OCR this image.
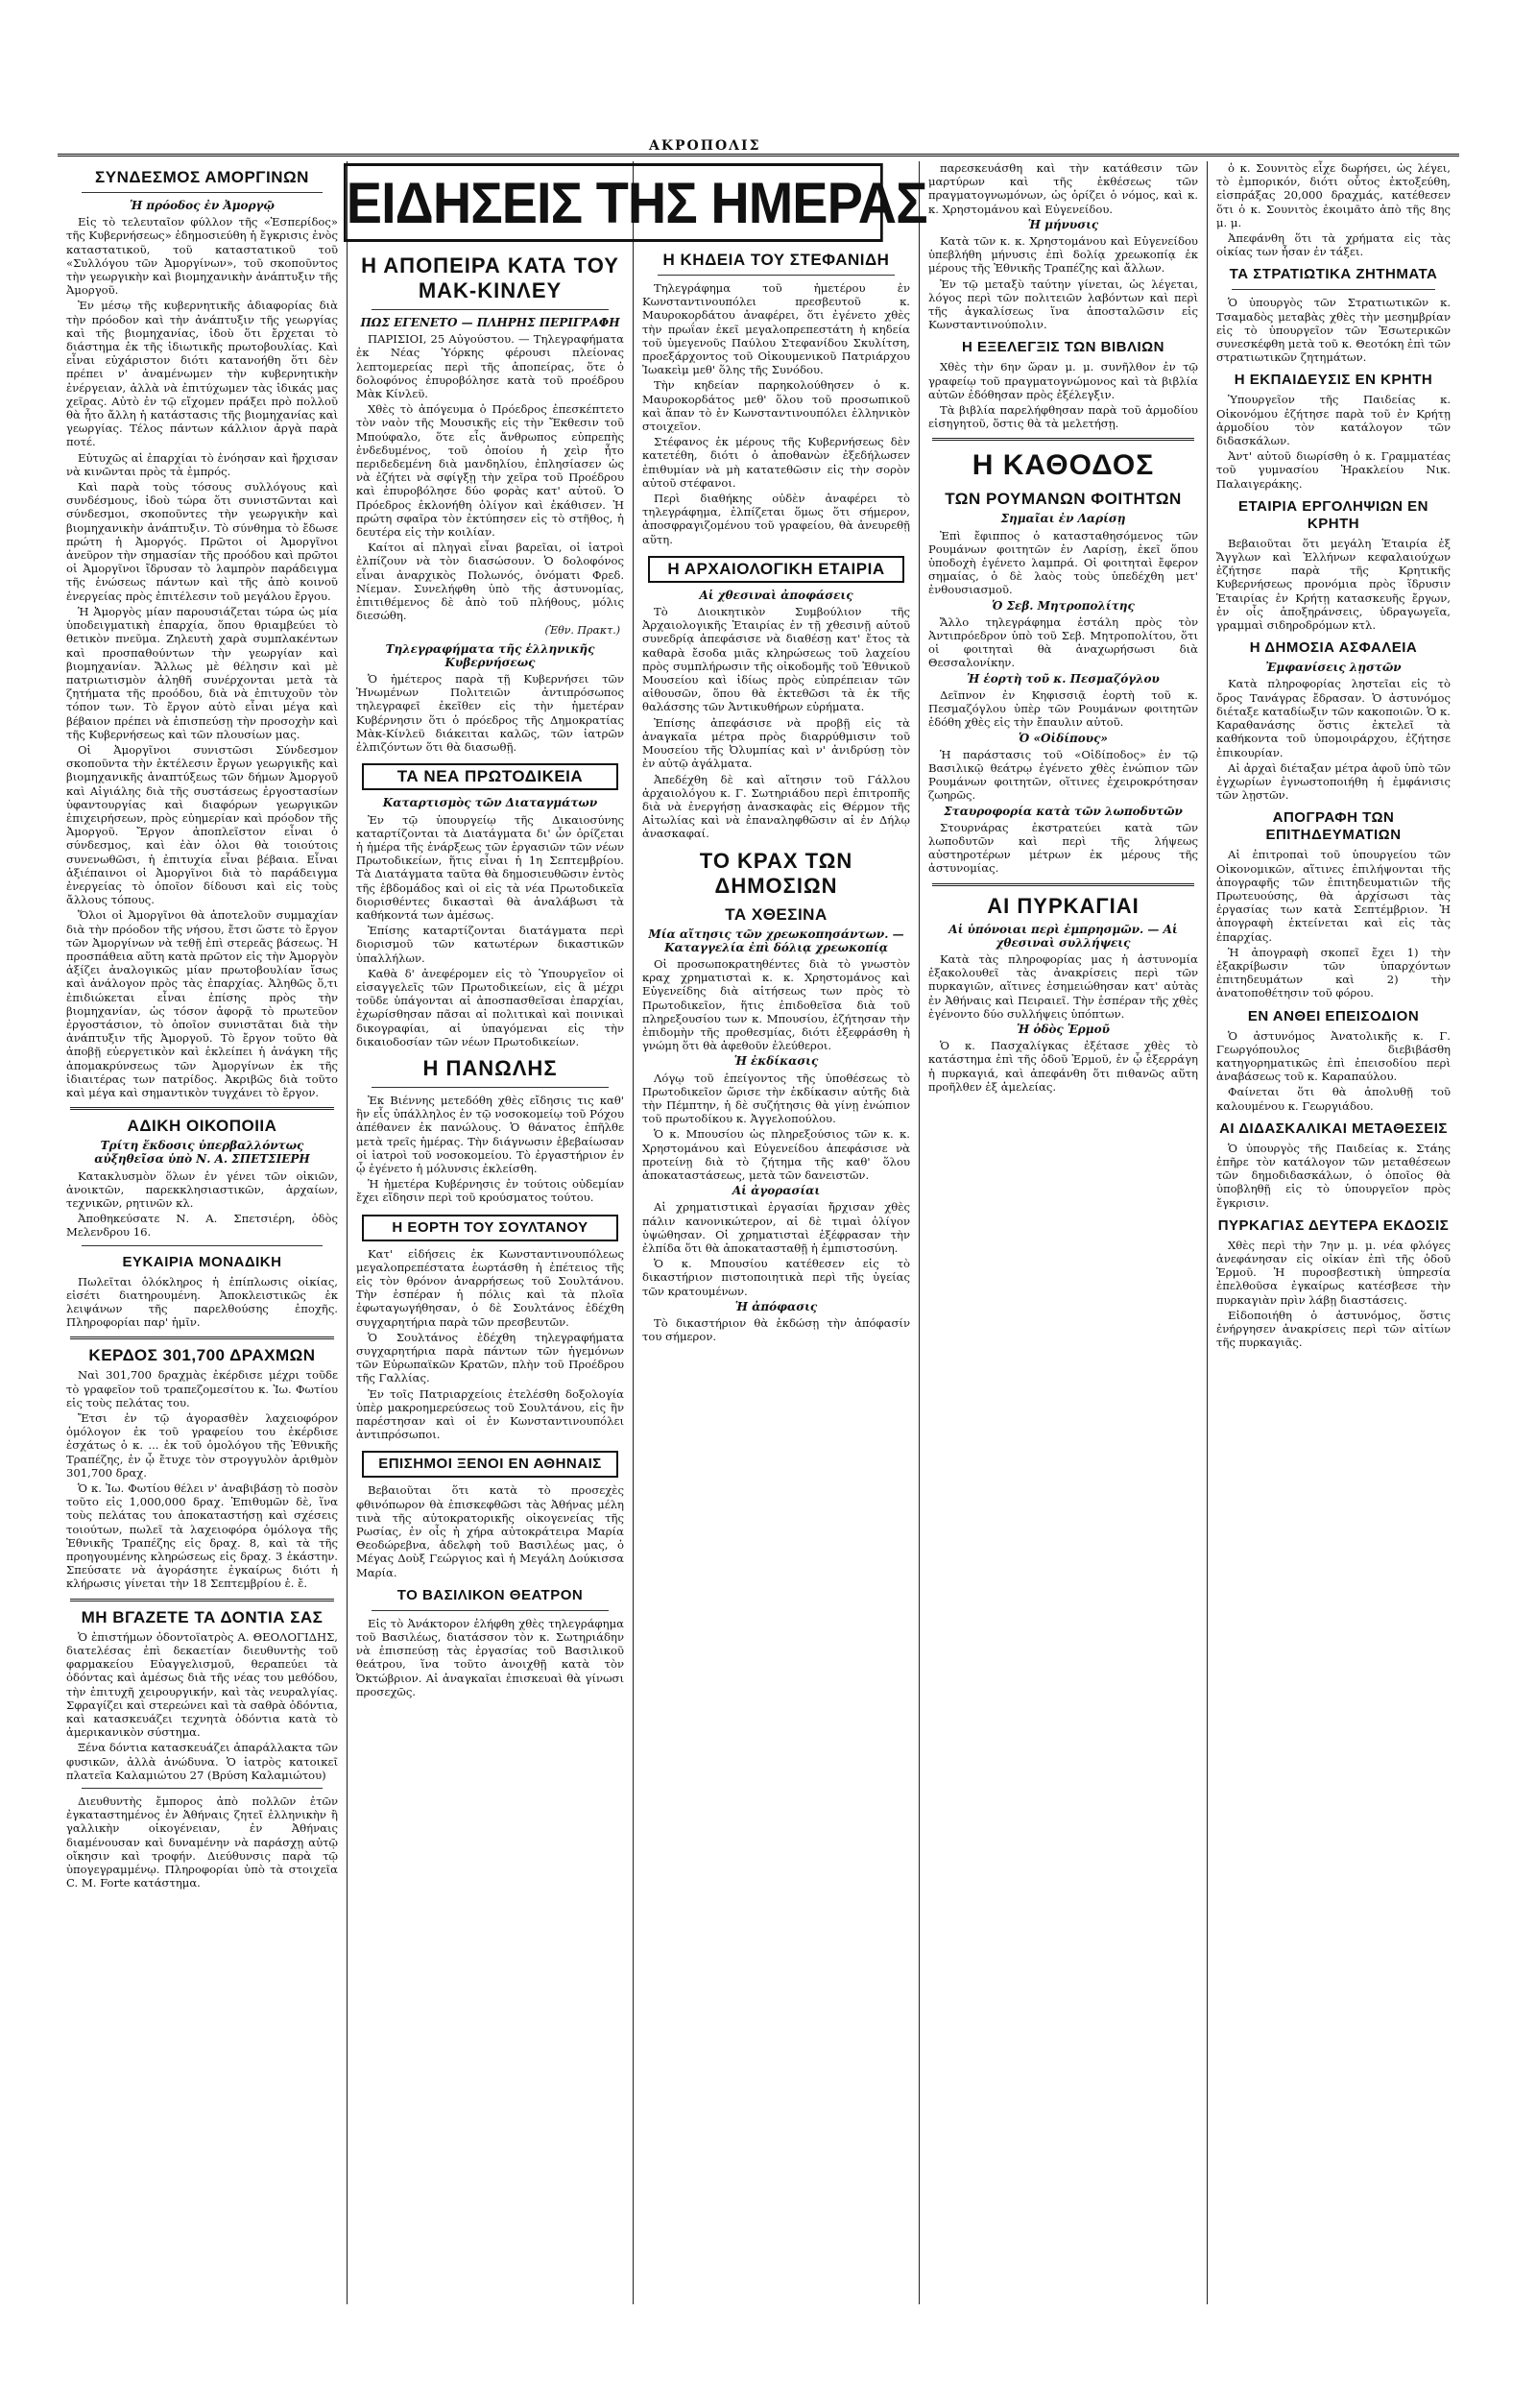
ΑΚΡΟΠΟΛΙΣ
ΣΥΝΔΕΣΜΟΣ ΑΜΟΡΓΙΝΩΝ
Ἡ πρόοδος ἐν Ἀμοργῷ

Εἰς τὸ τελευταῖον φύλλον τῆς «Ἑσπερίδος» τῆς Κυβερνήσεως» ἐδημοσιεύθη ἡ ἔγκρισις ἑνὸς καταστατικοῦ, τοῦ καταστατικοῦ τοῦ «Συλλόγου τῶν Ἀμοργίνων», τοῦ σκοποῦντος τὴν γεωργικὴν καὶ βιομηχανικὴν ἀνάπτυξιν τῆς Ἀμοργοῦ.

Ἐν μέσῳ τῆς κυβερνητικῆς ἀδιαφορίας διὰ τὴν πρόοδον καὶ τὴν ἀνάπτυξιν τῆς γεωργίας καὶ τῆς βιομηχανίας, ἰδοὺ ὅτι ἔρχεται τὸ διάστημα ἐκ τῆς ἰδιωτικῆς πρωτοβουλίας. Καὶ εἶναι εὐχάριστον διότι κατανοήθη ὅτι δὲν πρέπει ν' ἀναμένωμεν τὴν κυβερνητικὴν ἐνέργειαν, ἀλλὰ νὰ ἐπιτύχωμεν τὰς ἰδικάς μας χεῖρας. Αὐτὸ ἐν τῷ εἴχομεν πράξει πρὸ πολλοῦ θὰ ἦτο ἄλλη ἡ κατάστασις τῆς βιομηχανίας καὶ γεωργίας. Τέλος πάντων κάλλιον ἀργὰ παρὰ ποτέ.

Εὐτυχῶς αἱ ἐπαρχίαι τὸ ἐνόησαν καὶ ἤρχισαν νὰ κινῶνται πρὸς τὰ ἐμπρός.

Καὶ παρὰ τοὺς τόσους συλλόγους καὶ συνδέσμους, ἰδοὺ τώρα ὅτι συνιστῶνται καὶ σύνδεσμοι, σκοποῦντες τὴν γεωργικὴν καὶ βιομηχανικὴν ἀνάπτυξιν. Τὸ σύνθημα τὸ ἔδωσε πρώτη ἡ Ἀμοργός. Πρῶτοι οἱ Ἀμοργῖνοι ἀνεῦρον τὴν σημασίαν τῆς προόδου καὶ πρῶτοι οἱ Ἀμοργῖνοι ἴδρυσαν τὸ λαμπρὸν παράδειγμα τῆς ἑνώσεως πάντων καὶ τῆς ἀπὸ κοινοῦ ἐνεργείας πρὸς ἐπιτέλεσιν τοῦ μεγάλου ἔργου.

Ἡ Ἀμοργὸς μίαν παρουσιάζεται τώρα ὡς μία ὑποδειγματικὴ ἐπαρχία, ὅπου θριαμβεύει τὸ θετικὸν πνεῦμα. Ζηλευτὴ χαρὰ συμπλακέντων καὶ προσπαθούντων τὴν γεωργίαν καὶ βιομηχανίαν. Ἄλλως μὲ θέλησιν καὶ μὲ πατριωτισμὸν ἀληθῆ συνέρχονται μετὰ τὰ ζητήματα τῆς προόδου, διὰ νὰ ἐπιτυχοῦν τὸν τόπον των. Τὸ ἔργον αὐτὸ εἶναι μέγα καὶ βέβαιον πρέπει νὰ ἐπισπεύσῃ τὴν προσοχὴν καὶ τῆς Κυβερνήσεως καὶ τῶν πλουσίων μας.

Οἱ Ἀμοργῖνοι συνιστῶσι Σύνδεσμον σκοποῦντα τὴν ἐκτέλεσιν ἔργων γεωργικῆς καὶ βιομηχανικῆς ἀναπτύξεως τῶν δήμων Ἀμοργοῦ καὶ Αἰγιάλης διὰ τῆς συστάσεως ἐργοστασίων ὑφαντουργίας καὶ διαφόρων γεωργικῶν ἐπιχειρήσεων, πρὸς εὐημερίαν καὶ πρόοδον τῆς Ἀμοργοῦ. Ἔργον ἀποπλεῖστον εἶναι ὁ σύνδεσμος, καὶ ἐὰν ὁλοι θὰ τοιούτοις συνενωθῶσι, ἡ ἐπιτυχία εἶναι βέβαια. Εἶναι ἀξιέπαινοι οἱ Ἀμοργῖνοι διὰ τὸ παράδειγμα ἐνεργείας τὸ ὁποῖον δίδουσι καὶ εἰς τοὺς ἄλλους τόπους.

Ὅλοι οἱ Ἀμοργῖνοι θὰ ἀποτελοῦν συμμαχίαν διὰ τὴν πρόοδον τῆς νήσου, ἔτσι ὥστε τὸ ἔργον τῶν Ἀμοργίνων νὰ τεθῇ ἐπὶ στερεᾶς βάσεως. Ἡ προσπάθεια αὕτη κατὰ πρῶτον εἰς τὴν Ἀμοργὸν ἀξίζει ἀναλογικῶς μίαν πρωτοβουλίαν ἴσως καὶ ἀνάλογον πρὸς τὰς ἐπαρχίας. Ἀληθῶς ὅ,τι ἐπιδιώκεται εἶναι ἐπίσης πρὸς τὴν βιομηχανίαν, ὡς τόσον ἀφορᾷ τὸ πρωτεῦον ἐργοστάσιον, τὸ ὁποῖον συνιστᾶται διὰ τὴν ἀνάπτυξιν τῆς Ἀμοργοῦ. Τὸ ἔργον τοῦτο θὰ ἀποβῇ εὐεργετικὸν καὶ ἐκλείπει ἡ ἀνάγκη τῆς ἀπομακρύνσεως τῶν Ἀμοργίνων ἐκ τῆς ἰδιαιτέρας των πατρίδος. Ἀκριβῶς διὰ τοῦτο καὶ μέγα καὶ σημαντικὸν τυγχάνει τὸ ἔργον.

ΑΔΙΚΗ ΟΙΚΟΠΟΙΙΑ
Τρίτη ἔκδοσις ὑπερβαλλόντως αὐξηθεῖσα ὑπὸ Ν. Α. ΣΠΕΤΣΙΕΡΗ

Κατακλυσμὸν ὅλων ἐν γένει τῶν οἰκιῶν, ἀνοικτῶν, παρεκκλησιαστικῶν, ἀρχαίων, τεχνικῶν, ρητινῶν κλ.

Ἀποθηκεύσατε Ν. Α. Σπετσιέρη, ὁδὸς Μελενδρου 16.

ΕΥΚΑΙΡΙΑ ΜΟΝΑΔΙΚΗ

Πωλεῖται ὁλόκληρος ἡ ἐπίπλωσις οἰκίας, εἰσέτι διατηρουμένη. Ἀποκλειστικῶς ἐκ λειψάνων τῆς παρελθούσης ἐποχῆς. Πληροφορίαι παρ' ἡμῖν.

ΚΕΡΔΟΣ 301,700 ΔΡΑΧΜΩΝ

Ναὶ 301,700 δραχμὰς ἐκέρδισε μέχρι τοῦδε τὸ γραφεῖον τοῦ τραπεζομεσίτου κ. Ἰω. Φωτίου εἰς τοὺς πελάτας του.

Ἔτσι ἐν τῷ ἀγορασθὲν λαχειοφόρον ὁμόλογον ἐκ τοῦ γραφείου του ἐκέρδισε ἐσχάτως ὁ κ. ... ἐκ τοῦ ὁμολόγου τῆς Ἐθνικῆς Τραπέζης, ἐν ᾧ ἔτυχε τὸν στρογγυλὸν ἀριθμὸν 301,700 δραχ.

Ὁ κ. Ἰω. Φωτίου θέλει ν' ἀναβιβάσῃ τὸ ποσὸν τοῦτο εἰς 1,000,000 δραχ. Ἐπιθυμῶν δὲ, ἵνα τοὺς πελάτας του ἀποκαταστήσῃ καὶ σχέσεις τοιούτων, πωλεῖ τὰ λαχειοφόρα ὁμόλογα τῆς Ἐθνικῆς Τραπέζης εἰς δραχ. 8, καὶ τὰ τῆς προηγουμένης κληρώσεως εἰς δραχ. 3 ἑκάστην. Σπεύσατε νὰ ἀγοράσητε ἐγκαίρως διότι ἡ κλήρωσις γίνεται τὴν 18 Σεπτεμβρίου ἐ. ἔ.

ΜΗ ΒΓΑΖΕΤΕ ΤΑ ΔΟΝΤΙΑ ΣΑΣ

Ὁ ἐπιστήμων ὀδοντοϊατρὸς Α. ΘΕΟΛΟΓΙΔΗΣ, διατελέσας ἐπὶ δεκαετίαν διευθυντὴς τοῦ φαρμακείου Εὐαγγελισμοῦ, θεραπεύει τὰ ὀδόντας καὶ ἀμέσως διὰ τῆς νέας του μεθόδου, τὴν ἐπιτυχῆ χειρουργικήν, καὶ τὰς νευραλγίας. Σφραγίζει καὶ στερεώνει καὶ τὰ σαθρὰ ὀδόντια, καὶ κατασκευάζει τεχνητὰ ὁδόντια κατὰ τὸ ἀμερικανικὸν σύστημα.

Ξένα δόντια κατασκευάζει ἀπαράλλακτα τῶν φυσικῶν, ἀλλὰ ἀνώδυνα. Ὁ ἰατρὸς κατοικεῖ πλατεῖα Καλαμιώτου 27 (Βρύση Καλαμιώτου)

Διευθυντὴς ἔμπορος ἀπὸ πολλῶν ἐτῶν ἐγκαταστημένος ἐν Ἀθήναις ζητεῖ ἑλληνικὴν ἢ γαλλικὴν οἰκογένειαν, ἐν Ἀθήναις διαμένουσαν καὶ δυναμένην νὰ παράσχῃ αὐτῷ οἴκησιν καὶ τροφήν. Διεύθυνσις παρὰ τῷ ὑπογεγραμμένῳ. Πληροφορίαι ὑπὸ τὰ στοιχεῖα C. M. Forte κατάστημα.

ΕΙΔΗΣΕΙΣ ΤΗΣ ΗΜΕΡΑΣ
Η ΑΠΟΠΕΙΡΑ ΚΑΤΑ ΤΟΥ ΜΑΚ-ΚΙΝΛΕΥ
ΠΩΣ ΕΓΕΝΕΤΟ — ΠΛΗΡΗΣ ΠΕΡΙΓΡΑΦΗ

ΠΑΡΙΣΙΟΙ, 25 Αὐγούστου. — Τηλεγραφήματα ἐκ Νέας Ὑόρκης φέρουσι πλείονας λεπτομερείας περὶ τῆς ἀποπείρας, ὅτε ὁ δολοφόνος ἐπυροβόλησε κατὰ τοῦ προέδρου Μὰκ Κίνλεϋ.

Χθὲς τὸ ἀπόγευμα ὁ Πρόεδρος ἐπεσκέπτετο τὸν ναὸν τῆς Μουσικῆς εἰς τὴν Ἔκθεσιν τοῦ Μπούφαλο, ὅτε εἷς ἄνθρωπος εὐπρεπὴς ἐνδεδυμένος, τοῦ ὁποίου ἡ χεὶρ ἦτο περιδεδεμένη διὰ μανδηλίου, ἐπλησίασεν ὡς νὰ ἐζήτει νὰ σφίγξῃ τὴν χεῖρα τοῦ Προέδρου καὶ ἐπυροβόλησε δύο φορὰς κατ' αὐτοῦ. Ὁ Πρόεδρος ἐκλονήθη ὀλίγον καὶ ἐκάθισεν. Ἡ πρώτη σφαῖρα τὸν ἐκτύπησεν εἰς τὸ στῆθος, ἡ δευτέρα εἰς τὴν κοιλίαν.

Καίτοι αἱ πληγαὶ εἶναι βαρεῖαι, οἱ ἰατροὶ ἐλπίζουν νὰ τὸν διασώσουν. Ὁ δολοφόνος εἶναι ἀναρχικὸς Πολωνός, ὀνόματι Φρεδ. Νίεμαν. Συνελήφθη ὑπὸ τῆς ἀστυνομίας, ἐπιτιθέμενος δὲ ἀπὸ τοῦ πλήθους, μόλις διεσώθη.

(Ἐθν. Πρακτ.)
Τηλεγραφήματα τῆς ἑλληνικῆς Κυβερνήσεως

Ὁ ἡμέτερος παρὰ τῇ Κυβερνήσει τῶν Ἡνωμένων Πολιτειῶν ἀντιπρόσωπος τηλεγραφεῖ ἐκεῖθεν εἰς τὴν ἡμετέραν Κυβέρνησιν ὅτι ὁ πρόεδρος τῆς Δημοκρατίας Μὰκ-Κίνλεϋ διάκειται καλῶς, τῶν ἰατρῶν ἐλπιζόντων ὅτι θὰ διασωθῇ.

ΤΑ ΝΕΑ ΠΡΩΤΟΔΙΚΕΙΑ
Καταρτισμὸς τῶν Διαταγμάτων

Ἐν τῷ ὑπουργείῳ τῆς Δικαιοσύνης καταρτίζονται τὰ Διατάγματα δι' ὧν ὁρίζεται ἡ ἡμέρα τῆς ἐνάρξεως τῶν ἐργασιῶν τῶν νέων Πρωτοδικείων, ἥτις εἶναι ἡ 1η Σεπτεμβρίου. Τὰ Διατάγματα ταῦτα θὰ δημοσιευθῶσιν ἐντὸς τῆς ἑβδομάδος καὶ οἱ εἰς τὰ νέα Πρωτοδικεῖα διορισθέντες δικασταὶ θὰ ἀναλάβωσι τὰ καθήκοντά των ἀμέσως.

Ἐπίσης καταρτίζονται διατάγματα περὶ διορισμοῦ τῶν κατωτέρων δικαστικῶν ὑπαλλήλων.

Καθὰ δ' ἀνεφέρομεν εἰς τὸ Ὑπουργεῖον οἱ εἰσαγγελεῖς τῶν Πρωτοδικείων, εἰς ἃ μέχρι τοῦδε ὑπάγονται αἱ ἀποσπασθεῖσαι ἐπαρχίαι, ἐχωρίσθησαν πᾶσαι αἱ πολιτικαὶ καὶ ποινικαὶ δικογραφίαι, αἱ ὑπαγόμεναι εἰς τὴν δικαιοδοσίαν τῶν νέων Πρωτοδικείων.

Η ΠΑΝΩΛΗΣ

Ἐκ Βιέννης μετεδόθη χθὲς εἴδησις τις καθ' ἣν εἷς ὑπάλληλος ἐν τῷ νοσοκομείῳ τοῦ Ρόχου ἀπέθανεν ἐκ πανώλους. Ὁ θάνατος ἐπῆλθε μετὰ τρεῖς ἡμέρας. Τὴν διάγνωσιν ἐβεβαίωσαν οἱ ἰατροὶ τοῦ νοσοκομείου. Τὸ ἐργαστήριον ἐν ᾧ ἐγένετο ἡ μόλυνσις ἐκλείσθη.

Ἡ ἡμετέρα Κυβέρνησις ἐν τούτοις οὐδεμίαν ἔχει εἴδησιν περὶ τοῦ κρούσματος τούτου.

Η ΕΟΡΤΗ ΤΟΥ ΣΟΥΛΤΑΝΟΥ

Κατ' εἰδήσεις ἐκ Κωνσταντινουπόλεως μεγαλοπρεπέστατα ἑωρτάσθη ἡ ἐπέτειος τῆς εἰς τὸν θρόνον ἀναρρήσεως τοῦ Σουλτάνου. Τὴν ἑσπέραν ἡ πόλις καὶ τὰ πλοῖα ἐφωταγωγήθησαν, ὁ δὲ Σουλτάνος ἐδέχθη συγχαρητήρια παρὰ τῶν πρεσβευτῶν.

Ὁ Σουλτάνος ἐδέχθη τηλεγραφήματα συγχαρητήρια παρὰ πάντων τῶν ἡγεμόνων τῶν Εὐρωπαϊκῶν Κρατῶν, πλὴν τοῦ Προέδρου τῆς Γαλλίας.

Ἐν τοῖς Πατριαρχείοις ἐτελέσθη δοξολογία ὑπὲρ μακροημερεύσεως τοῦ Σουλτάνου, εἰς ἣν παρέστησαν καὶ οἱ ἐν Κωνσταντινουπόλει ἀντιπρόσωποι.

ΕΠΙΣΗΜΟΙ ΞΕΝΟΙ ΕΝ ΑΘΗΝΑΙΣ

Βεβαιοῦται ὅτι κατὰ τὸ προσεχὲς φθινόπωρον θὰ ἐπισκεφθῶσι τὰς Ἀθήνας μέλη τινὰ τῆς αὐτοκρατορικῆς οἰκογενείας τῆς Ρωσίας, ἐν οἷς ἡ χήρα αὐτοκράτειρα Μαρία Θεοδώρεβνα, ἀδελφὴ τοῦ Βασιλέως μας, ὁ Μέγας Δοὺξ Γεώργιος καὶ ἡ Μεγάλη Δούκισσα Μαρία.

ΤΟ ΒΑΣΙΛΙΚΟΝ ΘΕΑΤΡΟΝ

Εἰς τὸ Ἀνάκτορον ἐλήφθη χθὲς τηλεγράφημα τοῦ Βασιλέως, διατάσσον τὸν κ. Σωτηριάδην νὰ ἐπισπεύσῃ τὰς ἐργασίας τοῦ Βασιλικοῦ θεάτρου, ἵνα τοῦτο ἀνοιχθῇ κατὰ τὸν Ὀκτώβριον. Αἱ ἀναγκαῖαι ἐπισκευαὶ θὰ γίνωσι προσεχῶς.

Η ΚΗΔΕΙΑ ΤΟΥ ΣΤΕΦΑΝΙΔΗ

Τηλεγράφημα τοῦ ἡμετέρου ἐν Κωνσταντινουπόλει πρεσβευτοῦ κ. Μαυροκορδάτου ἀναφέρει, ὅτι ἐγένετο χθὲς τὴν πρωΐαν ἐκεῖ μεγαλοπρεπεστάτη ἡ κηδεία τοῦ ὑμεγενοῦς Παύλου Στεφανίδου Σκυλίτση, προεξάρχοντος τοῦ Οἰκουμενικοῦ Πατριάρχου Ἰωακεὶμ μεθ' ὅλης τῆς Συνόδου.

Τὴν κηδείαν παρηκολούθησεν ὁ κ. Μαυροκορδάτος μεθ' ὅλου τοῦ προσωπικοῦ καὶ ἅπαν τὸ ἐν Κωνσταντινουπόλει ἑλληνικὸν στοιχεῖον.

Στέφανος ἐκ μέρους τῆς Κυβερνήσεως δὲν κατετέθη, διότι ὁ ἀποθανὼν ἐξεδήλωσεν ἐπιθυμίαν νὰ μὴ κατατεθῶσιν εἰς τὴν σορὸν αὐτοῦ στέφανοι.

Περὶ διαθήκης οὐδὲν ἀναφέρει τὸ τηλεγράφημα, ἐλπίζεται ὅμως ὅτι σήμερον, ἀποσφραγιζομένου τοῦ γραφείου, θὰ ἀνευρεθῇ αὕτη.

Η ΑΡΧΑΙΟΛΟΓΙΚΗ ΕΤΑΙΡΙΑ
Αἱ χθεσιναὶ ἀποφάσεις

Τὸ Διοικητικὸν Συμβούλιον τῆς Ἀρχαιολογικῆς Ἑταιρίας ἐν τῇ χθεσινῇ αὐτοῦ συνεδρίᾳ ἀπεφάσισε νὰ διαθέσῃ κατ' ἔτος τὰ καθαρὰ ἔσοδα μιᾶς κληρώσεως τοῦ λαχείου πρὸς συμπλήρωσιν τῆς οἰκοδομῆς τοῦ Ἐθνικοῦ Μουσείου καὶ ἰδίως πρὸς εὐπρέπειαν τῶν αἰθουσῶν, ὅπου θὰ ἐκτεθῶσι τὰ ἐκ τῆς θαλάσσης τῶν Ἀντικυθήρων εὑρήματα.

Ἐπίσης ἀπεφάσισε νὰ προβῇ εἰς τὰ ἀναγκαῖα μέτρα πρὸς διαρρύθμισιν τοῦ Μουσείου τῆς Ὀλυμπίας καὶ ν' ἀνιδρύσῃ τὸν ἐν αὐτῷ ἀγάλματα.

Ἀπεδέχθη δὲ καὶ αἴτησιν τοῦ Γάλλου ἀρχαιολόγου κ. Γ. Σωτηριάδου περὶ ἐπιτροπῆς διὰ νὰ ἐνεργήσῃ ἀνασκαφὰς εἰς Θέρμον τῆς Αἰτωλίας καὶ νὰ ἐπαναληφθῶσιν αἱ ἐν Δήλῳ ἀνασκαφαί.

ΤΟ ΚΡΑΧ ΤΩΝ ΔΗΜΟΣΙΩΝ
ΤΑ ΧΘΕΣΙΝΑ
Μία αἴτησις τῶν χρεωκοπησάντων. — Καταγγελία ἐπὶ δόλιᾳ χρεωκοπίᾳ

Οἱ προσωποκρατηθέντες διὰ τὸ γνωστὸν κραχ χρηματισταὶ κ. κ. Χρηστομάνος καὶ Εὐγενείδης διὰ αἰτήσεως των πρὸς τὸ Πρωτοδικεῖον, ἥτις ἐπιδοθεῖσα διὰ τοῦ πληρεξουσίου των κ. Μπουσίου, ἐζήτησαν τὴν ἐπιδομὴν τῆς προθεσμίας, διότι ἐξεφράσθη ἡ γνώμη ὅτι θὰ ἀφεθοῦν ἐλεύθεροι.

Ἡ ἐκδίκασις

Λόγῳ τοῦ ἐπείγοντος τῆς ὑποθέσεως τὸ Πρωτοδικεῖον ὥρισε τὴν ἐκδίκασιν αὐτῆς διὰ τὴν Πέμπτην, ἡ δὲ συζήτησις θὰ γίνῃ ἐνώπιον τοῦ πρωτοδίκου κ. Ἀγγελοπούλου.

Ὁ κ. Μπουσίου ὡς πληρεξούσιος τῶν κ. κ. Χρηστομάνου καὶ Εὐγενείδου ἀπεφάσισε νὰ προτείνῃ διὰ τὸ ζήτημα τῆς καθ' ὅλου ἀποκαταστάσεως, μετὰ τῶν δανειστῶν.

Αἱ ἀγορασίαι

Αἱ χρηματιστικαὶ ἐργασίαι ἤρχισαν χθὲς πάλιν κανονικώτερον, αἱ δὲ τιμαὶ ὀλίγον ὑψώθησαν. Οἱ χρηματισταὶ ἐξέφρασαν τὴν ἐλπίδα ὅτι θὰ ἀποκατασταθῇ ἡ ἐμπιστοσύνη.

Ὁ κ. Μπουσίου κατέθεσεν εἰς τὸ δικαστήριον πιστοποιητικὰ περὶ τῆς ὑγείας τῶν κρατουμένων.

Ἡ ἀπόφασις

Τὸ δικαστήριον θὰ ἐκδώσῃ τὴν ἀπόφασίν του σήμερον.

παρεσκευάσθη καὶ τὴν κατάθεσιν τῶν μαρτύρων καὶ τῆς ἐκθέσεως τῶν πραγματογνωμόνων, ὡς ὁρίζει ὁ νόμος, καὶ κ. κ. Χρηστομάνου καὶ Εὐγενείδου.

Ἡ μήνυσις

Κατὰ τῶν κ. κ. Χρηστομάνου καὶ Εὐγενείδου ὑπεβλήθη μήνυσις ἐπὶ δολίᾳ χρεωκοπίᾳ ἐκ μέρους τῆς Ἐθνικῆς Τραπέζης καὶ ἄλλων.

Ἐν τῷ μεταξὺ ταύτην γίνεται, ὡς λέγεται, λόγος περὶ τῶν πολιτειῶν λαβόντων καὶ περὶ τῆς ἀγκαλίσεως ἵνα ἀποσταλῶσιν εἰς Κωνσταντινούπολιν.

Η ΕΞΕΛΕΓΞΙΣ ΤΩΝ ΒΙΒΛΙΩΝ

Χθὲς τὴν 6ην ὥραν μ. μ. συνῆλθον ἐν τῷ γραφείῳ τοῦ πραγματογνώμονος καὶ τὰ βιβλία αὐτῶν ἐδόθησαν πρὸς ἐξέλεγξιν.

Τὰ βιβλία παρελήφθησαν παρὰ τοῦ ἀρμοδίου εἰσηγητοῦ, ὅστις θὰ τὰ μελετήσῃ.

Η ΚΑΘΟΔΟΣ
ΤΩΝ ΡΟΥΜΑΝΩΝ ΦΟΙΤΗΤΩΝ
Σημαῖαι ἐν Λαρίσῃ

Ἐπὶ ἔφιππος ὁ κατασταθησόμενος τῶν Ρουμάνων φοιτητῶν ἐν Λαρίσῃ, ἐκεῖ ὅπου ὑποδοχὴ ἐγένετο λαμπρά. Οἱ φοιτηταὶ ἔφερον σημαίας, ὁ δὲ λαὸς τοὺς ὑπεδέχθη μετ' ἐνθουσιασμοῦ.

Ὁ Σεβ. Μητροπολίτης

Ἄλλο τηλεγράφημα ἐστάλη πρὸς τὸν Ἀντιπρόεδρον ὑπὸ τοῦ Σεβ. Μητροπολίτου, ὅτι οἱ φοιτηταὶ θὰ ἀναχωρήσωσι διὰ Θεσσαλονίκην.

Ἡ ἑορτὴ τοῦ κ. Πεσμαζόγλου

Δεῖπνον ἐν Κηφισσιᾷ ἑορτὴ τοῦ κ. Πεσμαζόγλου ὑπὲρ τῶν Ρουμάνων φοιτητῶν ἐδόθη χθὲς εἰς τὴν ἔπαυλιν αὐτοῦ.

Ὁ «Οἰδίπους»

Ἡ παράστασις τοῦ «Οἰδίποδος» ἐν τῷ Βασιλικῷ θεάτρῳ ἐγένετο χθὲς ἐνώπιον τῶν Ρουμάνων φοιτητῶν, οἵτινες ἐχειροκρότησαν ζωηρῶς.

Σταυροφορία κατὰ τῶν λωποδυτῶν

Στουρνάρας ἐκστρατεύει κατὰ τῶν λωποδυτῶν καὶ περὶ τῆς λήψεως αὐστηροτέρων μέτρων ἐκ μέρους τῆς ἀστυνομίας.

ΑΙ ΠΥΡΚΑΓΙΑΙ
Αἱ ὑπόνοιαι περὶ ἐμπρησμῶν. — Αἱ χθεσιναὶ συλλήψεις

Κατὰ τὰς πληροφορίας μας ἡ ἀστυνομία ἐξακολουθεῖ τὰς ἀνακρίσεις περὶ τῶν πυρκαγιῶν, αἵτινες ἐσημειώθησαν κατ' αὐτὰς ἐν Ἀθήναις καὶ Πειραιεῖ. Τὴν ἑσπέραν τῆς χθὲς ἐγένοντο δύο συλλήψεις ὑπόπτων.

Ἡ ὁδὸς Ἑρμοῦ

Ὁ κ. Πασχαλίγκας ἐξέτασε χθὲς τὸ κατάστημα ἐπὶ τῆς ὁδοῦ Ἑρμοῦ, ἐν ᾧ ἐξερράγη ἡ πυρκαγιά, καὶ ἀπεφάνθη ὅτι πιθανῶς αὕτη προῆλθεν ἐξ ἀμελείας.

ὁ κ. Σουνιτὸς εἶχε δωρήσει, ὡς λέγει, τὸ ἐμπορικόν, διότι οὗτος ἐκτοξεύθη, εἰσπράξας 20,000 δραχμάς, κατέθεσεν ὅτι ὁ κ. Σουνιτὸς ἐκοιμᾶτο ἀπὸ τῆς 8ης μ. μ.

Ἀπεφάνθη ὅτι τὰ χρήματα εἰς τὰς οἰκίας των ἦσαν ἐν τάξει.

ΤΑ ΣΤΡΑΤΙΩΤΙΚΑ ΖΗΤΗΜΑΤΑ

Ὁ ὑπουργὸς τῶν Στρατιωτικῶν κ. Τσαμαδὸς μεταβὰς χθὲς τὴν μεσημβρίαν εἰς τὸ ὑπουργεῖον τῶν Ἐσωτερικῶν συνεσκέφθη μετὰ τοῦ κ. Θεοτόκη ἐπὶ τῶν στρατιωτικῶν ζητημάτων.

Η ΕΚΠΑΙΔΕΥΣΙΣ ΕΝ ΚΡΗΤΗ

Ὑπουργεῖον τῆς Παιδείας κ. Οἰκονόμου ἐζήτησε παρὰ τοῦ ἐν Κρήτῃ ἀρμοδίου τὸν κατάλογον τῶν διδασκάλων.

Ἀντ' αὐτοῦ διωρίσθη ὁ κ. Γραμματέας τοῦ γυμνασίου Ἡρακλείου Νικ. Παλαιγεράκης.

ΕΤΑΙΡΙΑ ΕΡΓΟΛΗΨΙΩΝ ΕΝ ΚΡΗΤΗ

Βεβαιοῦται ὅτι μεγάλη Ἑταιρία ἐξ Ἄγγλων καὶ Ἑλλήνων κεφαλαιούχων ἐζήτησε παρὰ τῆς Κρητικῆς Κυβερνήσεως προνόμια πρὸς ἵδρυσιν Ἑταιρίας ἐν Κρήτῃ κατασκευῆς ἔργων, ἐν οἷς ἀποξηράνσεις, ὑδραγωγεῖα, γραμμαὶ σιδηροδρόμων κτλ.

Η ΔΗΜΟΣΙΑ ΑΣΦΑΛΕΙΑ
Ἐμφανίσεις λῃστῶν

Κατὰ πληροφορίας ληστεῖαι εἰς τὸ ὄρος Τανάγρας ἔδρασαν. Ὁ ἀστυνόμος διέταξε καταδίωξιν τῶν κακοποιῶν. Ὁ κ. Καραθανάσης ὅστις ἐκτελεῖ τὰ καθήκοντα τοῦ ὑπομοιράρχου, ἐζήτησε ἐπικουρίαν.

Αἱ ἀρχαὶ διέταξαν μέτρα ἀφοῦ ὑπὸ τῶν ἐγχωρίων ἐγνωστοποιήθη ἡ ἐμφάνισις τῶν λῃστῶν.

ΑΠΟΓΡΑΦΗ ΤΩΝ ΕΠΙΤΗΔΕΥΜΑΤΙΩΝ

Αἱ ἐπιτροπαὶ τοῦ ὑπουργείου τῶν Οἰκονομικῶν, αἵτινες ἐπιλήψονται τῆς ἀπογραφῆς τῶν ἐπιτηδευματιῶν τῆς Πρωτευούσης, θὰ ἀρχίσωσι τὰς ἐργασίας των κατὰ Σεπτέμβριον. Ἡ ἀπογραφὴ ἐκτείνεται καὶ εἰς τὰς ἐπαρχίας.

Ἡ ἀπογραφὴ σκοπεῖ ἔχει 1) τὴν ἐξακρίβωσιν τῶν ὑπαρχόντων ἐπιτηδευμάτων καὶ 2) τὴν ἀνατοποθέτησιν τοῦ φόρου.

ΕΝ ΑΝΘΕΙ ΕΠΕΙΣΟΔΙΟΝ

Ὁ ἀστυνόμος Ἀνατολικῆς κ. Γ. Γεωργόπουλος διεβιβάσθη κατηγορηματικῶς ἐπὶ ἐπεισοδίου περὶ ἀναβάσεως τοῦ κ. Καραπαύλου.

Φαίνεται ὅτι θὰ ἀπολυθῇ τοῦ καλουμένου κ. Γεωργιάδου.

ΑΙ ΔΙΔΑΣΚΑΛΙΚΑΙ ΜΕΤΑΘΕΣΕΙΣ

Ὁ ὑπουργὸς τῆς Παιδείας κ. Στάης ἐπῆρε τὸν κατάλογον τῶν μεταθέσεων τῶν δημοδιδασκάλων, ὁ ὁποῖος θὰ ὑποβληθῇ εἰς τὸ ὑπουργεῖον πρὸς ἔγκρισιν.

ΠΥΡΚΑΓΙΑΣ ΔΕΥΤΕΡΑ ΕΚΔΟΣΙΣ

Χθὲς περὶ τὴν 7ην μ. μ. νέα φλόγες ἀνεφάνησαν εἰς οἰκίαν ἐπὶ τῆς ὁδοῦ Ἑρμοῦ. Ἡ πυροσβεστικὴ ὑπηρεσία ἐπελθοῦσα ἐγκαίρως κατέσβεσε τὴν πυρκαγιὰν πρὶν λάβῃ διαστάσεις.

Εἰδοποιήθη ὁ ἀστυνόμος, ὅστις ἐνήργησεν ἀνακρίσεις περὶ τῶν αἰτίων τῆς πυρκαγιᾶς.
